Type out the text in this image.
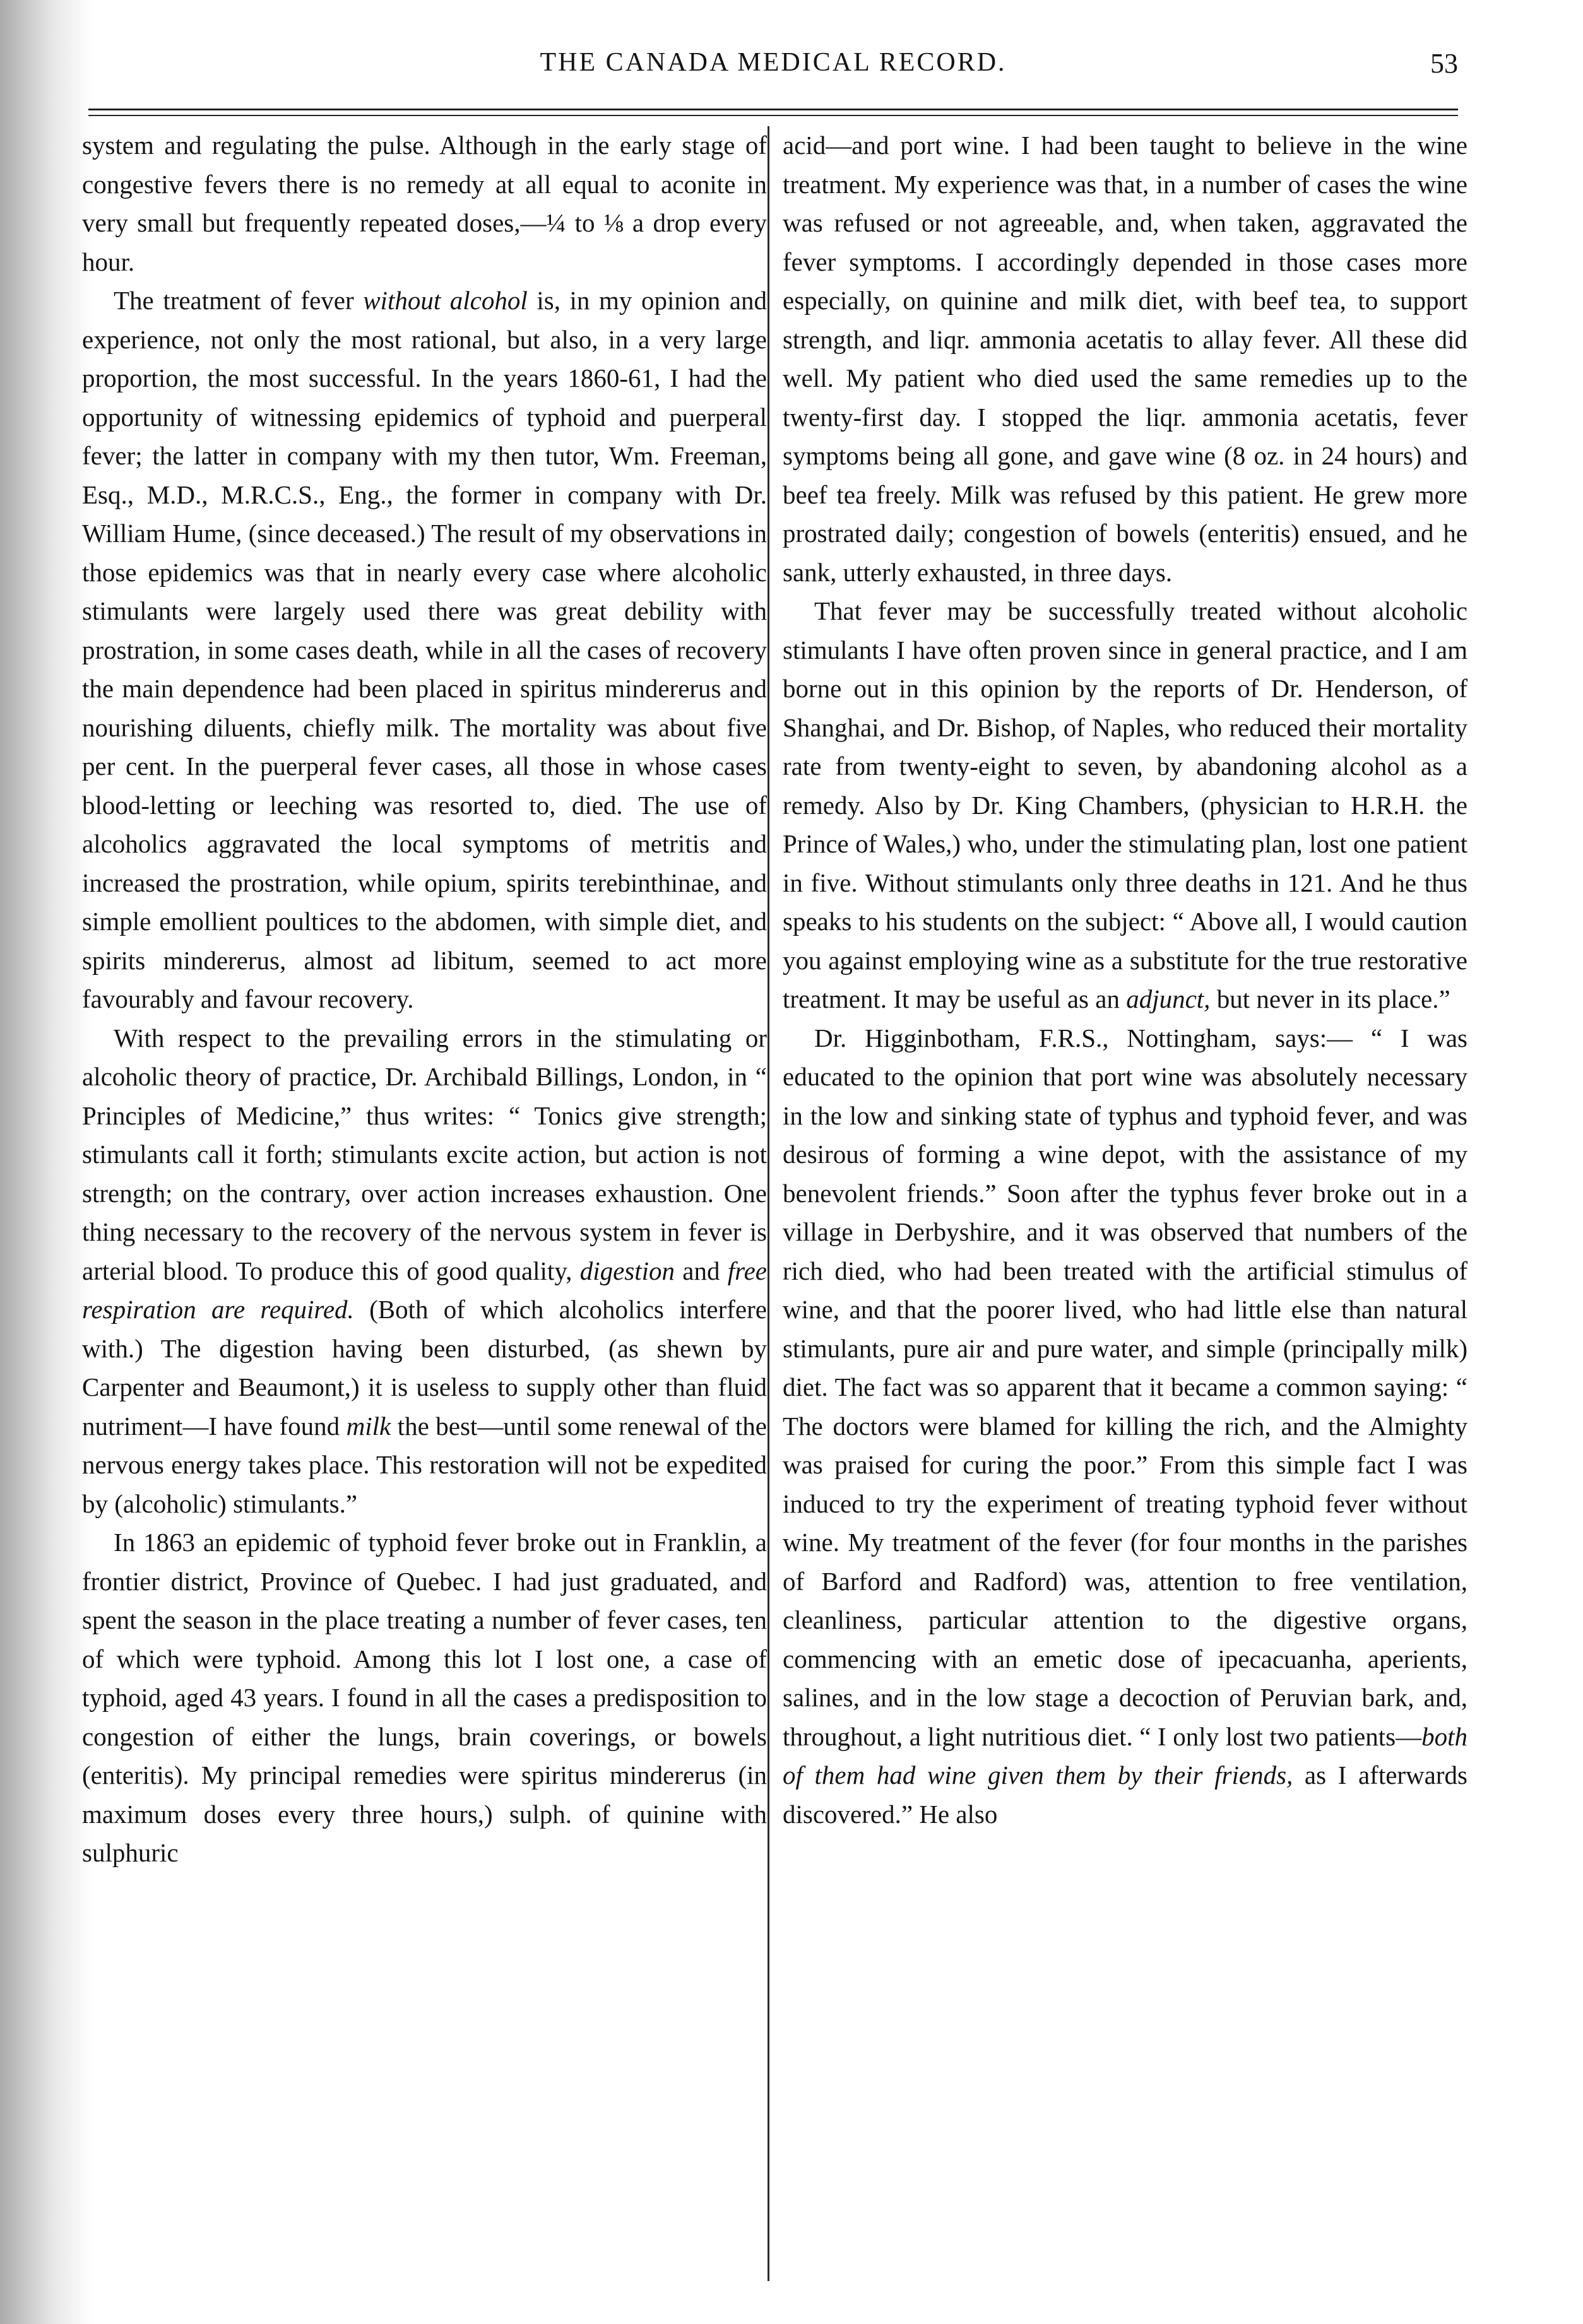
THE CANADA MEDICAL RECORD.	53

system and regulating the pulse. Although in the early stage of congestive fevers there is no remedy at all equal to aconite in very small but frequently repeated doses,—¼ to ⅛ a drop every hour.

The treatment of fever without alcohol is, in my opinion and experience, not only the most rational, but also, in a very large proportion, the most successful. In the years 1860-61, I had the opportunity of witnessing epidemics of typhoid and puerperal fever; the latter in company with my then tutor, Wm. Freeman, Esq., M.D., M.R.C.S., Eng., the former in company with Dr. William Hume, (since deceased.) The result of my observations in those epidemics was that in nearly every case where alcoholic stimulants were largely used there was great debility with prostration, in some cases death, while in all the cases of recovery the main dependence had been placed in spiritus mindererus and nourishing diluents, chiefly milk. The mortality was about five per cent. In the puerperal fever cases, all those in whose cases blood-letting or leeching was resorted to, died. The use of alcoholics aggravated the local symptoms of metritis and increased the prostration, while opium, spirits terebinthinae, and simple emollient poultices to the abdomen, with simple diet, and spirits mindererus, almost ad libitum, seemed to act more favourably and favour recovery.

With respect to the prevailing errors in the stimulating or alcoholic theory of practice, Dr. Archibald Billings, London, in “ Principles of Medicine,” thus writes: “ Tonics give strength; stimulants call it forth; stimulants excite action, but action is not strength; on the contrary, over action increases exhaustion. One thing necessary to the recovery of the nervous system in fever is arterial blood. To produce this of good quality, digestion and free respiration are required. (Both of which alcoholics interfere with.) The digestion having been disturbed, (as shewn by Carpenter and Beaumont,) it is useless to supply other than fluid nutriment—I have found milk the best—until some renewal of the nervous energy takes place. This restoration will not be expedited by (alcoholic) stimulants.”

In 1863 an epidemic of typhoid fever broke out in Franklin, a frontier district, Province of Quebec. I had just graduated, and spent the season in the place treating a number of fever cases, ten of which were typhoid. Among this lot I lost one, a case of typhoid, aged 43 years. I found in all the cases a predisposition to congestion of either the lungs, brain coverings, or bowels (enteritis). My principal remedies were spiritus mindererus (in maximum doses every three hours,) sulph. of quinine with sulphuric

acid—and port wine. I had been taught to believe in the wine treatment. My experience was that, in a number of cases the wine was refused or not agreeable, and, when taken, aggravated the fever symptoms. I accordingly depended in those cases more especially, on quinine and milk diet, with beef tea, to support strength, and liqr. ammonia acetatis to allay fever. All these did well. My patient who died used the same remedies up to the twenty-first day. I stopped the liqr. ammonia acetatis, fever symptoms being all gone, and gave wine (8 oz. in 24 hours) and beef tea freely. Milk was refused by this patient. He grew more prostrated daily; congestion of bowels (enteritis) ensued, and he sank, utterly exhausted, in three days.

That fever may be successfully treated without alcoholic stimulants I have often proven since in general practice, and I am borne out in this opinion by the reports of Dr. Henderson, of Shanghai, and Dr. Bishop, of Naples, who reduced their mortality rate from twenty-eight to seven, by abandoning alcohol as a remedy. Also by Dr. King Chambers, (physician to H.R.H. the Prince of Wales,) who, under the stimulating plan, lost one patient in five. Without stimulants only three deaths in 121. And he thus speaks to his students on the subject: “ Above all, I would caution you against employing wine as a substitute for the true restorative treatment. It may be useful as an adjunct, but never in its place.”

Dr. Higginbotham, F.R.S., Nottingham, says:— “ I was educated to the opinion that port wine was absolutely necessary in the low and sinking state of typhus and typhoid fever, and was desirous of forming a wine depot, with the assistance of my benevolent friends.” Soon after the typhus fever broke out in a village in Derbyshire, and it was observed that numbers of the rich died, who had been treated with the artificial stimulus of wine, and that the poorer lived, who had little else than natural stimulants, pure air and pure water, and simple (principally milk) diet. The fact was so apparent that it became a common saying: “ The doctors were blamed for killing the rich, and the Almighty was praised for curing the poor.” From this simple fact I was induced to try the experiment of treating typhoid fever without wine. My treatment of the fever (for four months in the parishes of Barford and Radford) was, attention to free ventilation, cleanliness, particular attention to the digestive organs, commencing with an emetic dose of ipecacuanha, aperients, salines, and in the low stage a decoction of Peruvian bark, and, throughout, a light nutritious diet. “ I only lost two patients—both of them had wine given them by their friends, as I afterwards discovered.” He also
